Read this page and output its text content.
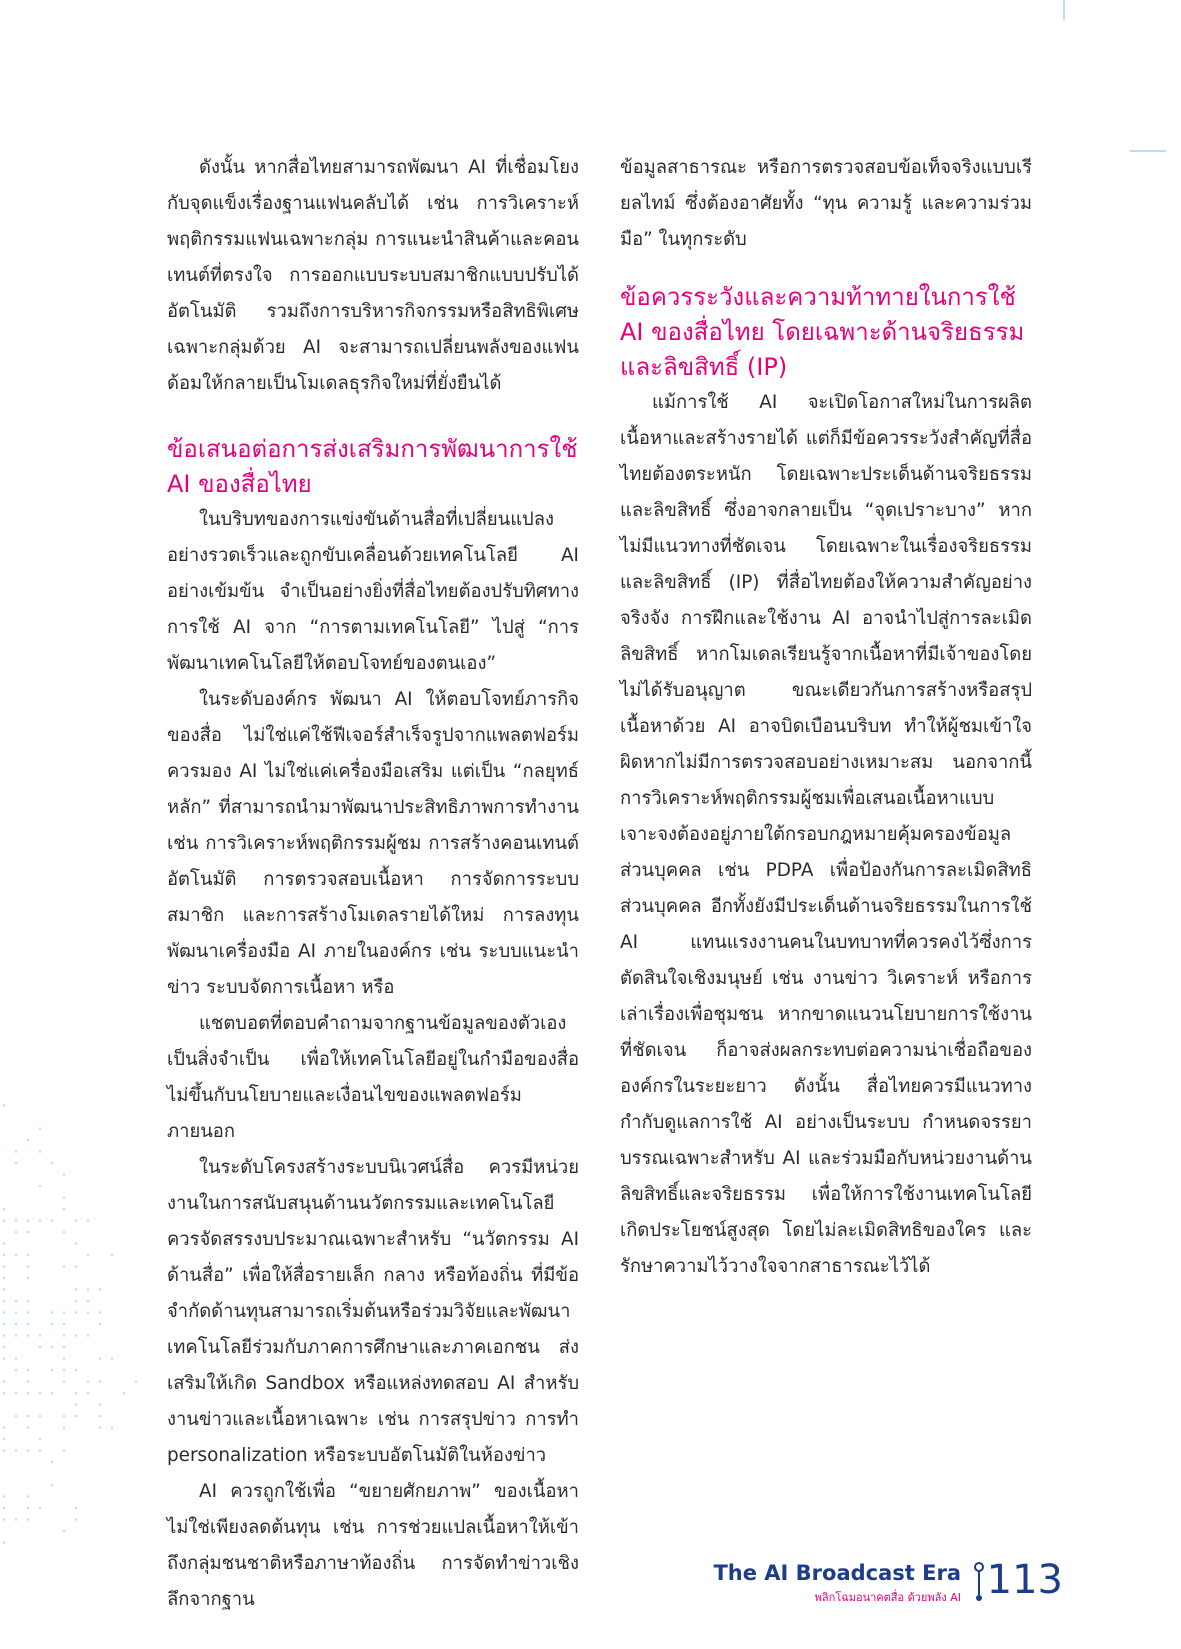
ดังนั้น หากสื่อไทยสามารถพัฒนา AI ที่เชื่อมโยงกับจุดแข็งเรื่องฐานแฟนคลับได้ เช่น การวิเคราะห์พฤติกรรมแฟนเฉพาะกลุ่ม การแนะนำสินค้าและคอนเทนต์ที่ตรงใจ การออกแบบระบบสมาชิกแบบปรับได้อัตโนมัติ รวมถึงการบริหารกิจกรรมหรือสิทธิพิเศษเฉพาะกลุ่มด้วย AI จะสามารถเปลี่ยนพลังของแฟนด้อมให้กลายเป็นโมเดลธุรกิจใหม่ที่ยั่งยืนได้

ข้อเสนอต่อการส่งเสริมการพัฒนาการใช้ AI ของสื่อไทย

ในบริบทของการแข่งขันด้านสื่อที่เปลี่ยนแปลงอย่างรวดเร็วและถูกขับเคลื่อนด้วยเทคโนโลยี AI อย่างเข้มข้น จำเป็นอย่างยิ่งที่สื่อไทยต้องปรับทิศทางการใช้ AI จาก “การตามเทคโนโลยี” ไปสู่ “การพัฒนาเทคโนโลยีให้ตอบโจทย์ของตนเอง”

ในระดับองค์กร พัฒนา AI ให้ตอบโจทย์ภารกิจของสื่อ ไม่ใช่แค่ใช้ฟีเจอร์สำเร็จรูปจากแพลตฟอร์ม ควรมอง AI ไม่ใช่แค่เครื่องมือเสริม แต่เป็น “กลยุทธ์หลัก” ที่สามารถนำมาพัฒนาประสิทธิภาพการทำงาน เช่น การวิเคราะห์พฤติกรรมผู้ชม การสร้างคอนเทนต์อัตโนมัติ การตรวจสอบเนื้อหา การจัดการระบบสมาชิก และการสร้างโมเดลรายได้ใหม่ การลงทุนพัฒนาเครื่องมือ AI ภายในองค์กร เช่น ระบบแนะนำข่าว ระบบจัดการเนื้อหา หรือ

แชตบอตที่ตอบคำถามจากฐานข้อมูลของตัวเอง เป็นสิ่งจำเป็น เพื่อให้เทคโนโลยีอยู่ในกำมือของสื่อ ไม่ขึ้นกับนโยบายและเงื่อนไขของแพลตฟอร์มภายนอก

ในระดับโครงสร้างระบบนิเวศน์สื่อ ควรมีหน่วยงานในการสนับสนุนด้านนวัตกรรมและเทคโนโลยี ควรจัดสรรงบประมาณเฉพาะสำหรับ “นวัตกรรม AI ด้านสื่อ” เพื่อให้สื่อรายเล็ก กลาง หรือท้องถิ่น ที่มีข้อจำกัดด้านทุนสามารถเริ่มต้นหรือร่วมวิจัยและพัฒนาเทคโนโลยีร่วมกับภาคการศึกษาและภาคเอกชน ส่งเสริมให้เกิด Sandbox หรือแหล่งทดสอบ AI สำหรับงานข่าวและเนื้อหาเฉพาะ เช่น การสรุปข่าว การทำ personalization หรือระบบอัตโนมัติในห้องข่าว

AI ควรถูกใช้เพื่อ “ขยายศักยภาพ” ของเนื้อหา ไม่ใช่เพียงลดต้นทุน เช่น การช่วยแปลเนื้อหาให้เข้าถึงกลุ่มชนชาติหรือภาษาท้องถิ่น การจัดทำข่าวเชิงลึกจากฐาน

ข้อมูลสาธารณะ หรือการตรวจสอบข้อเท็จจริงแบบเรียลไทม์ ซึ่งต้องอาศัยทั้ง “ทุน ความรู้ และความร่วมมือ” ในทุกระดับ

ข้อควรระวังและความท้าทายในการใช้ AI ของสื่อไทย โดยเฉพาะด้านจริยธรรมและลิขสิทธิ์ (IP)

แม้การใช้ AI จะเปิดโอกาสใหม่ในการผลิตเนื้อหาและสร้างรายได้ แต่ก็มีข้อควรระวังสำคัญที่สื่อไทยต้องตระหนัก โดยเฉพาะประเด็นด้านจริยธรรมและลิขสิทธิ์ ซึ่งอาจกลายเป็น “จุดเปราะบาง” หากไม่มีแนวทางที่ชัดเจน โดยเฉพาะในเรื่องจริยธรรมและลิขสิทธิ์ (IP) ที่สื่อไทยต้องให้ความสำคัญอย่างจริงจัง การฝึกและใช้งาน AI อาจนำไปสู่การละเมิดลิขสิทธิ์ หากโมเดลเรียนรู้จากเนื้อหาที่มีเจ้าของโดยไม่ได้รับอนุญาต ขณะเดียวกันการสร้างหรือสรุปเนื้อหาด้วย AI อาจบิดเบือนบริบท ทำให้ผู้ชมเข้าใจผิดหากไม่มีการตรวจสอบอย่างเหมาะสม นอกจากนี้ การวิเคราะห์พฤติกรรมผู้ชมเพื่อเสนอเนื้อหาแบบเจาะจงต้องอยู่ภายใต้กรอบกฎหมายคุ้มครองข้อมูลส่วนบุคคล เช่น PDPA เพื่อป้องกันการละเมิดสิทธิส่วนบุคคล อีกทั้งยังมีประเด็นด้านจริยธรรมในการใช้ AI แทนแรงงานคนในบทบาทที่ควรคงไว้ซึ่งการตัดสินใจเชิงมนุษย์ เช่น งานข่าว วิเคราะห์ หรือการเล่าเรื่องเพื่อชุมชน หากขาดแนวนโยบายการใช้งานที่ชัดเจน ก็อาจส่งผลกระทบต่อความน่าเชื่อถือขององค์กรในระยะยาว ดังนั้น สื่อไทยควรมีแนวทางกำกับดูแลการใช้ AI อย่างเป็นระบบ กำหนดจรรยาบรรณเฉพาะสำหรับ AI และร่วมมือกับหน่วยงานด้านลิขสิทธิ์และจริยธรรม เพื่อให้การใช้งานเทคโนโลยีเกิดประโยชน์สูงสุด โดยไม่ละเมิดสิทธิของใคร และรักษาความไว้วางใจจากสาธารณะไว้ได้

The AI Broadcast Era
พลิกโฉมอนาคตสื่อ ด้วยพลัง AI 113
